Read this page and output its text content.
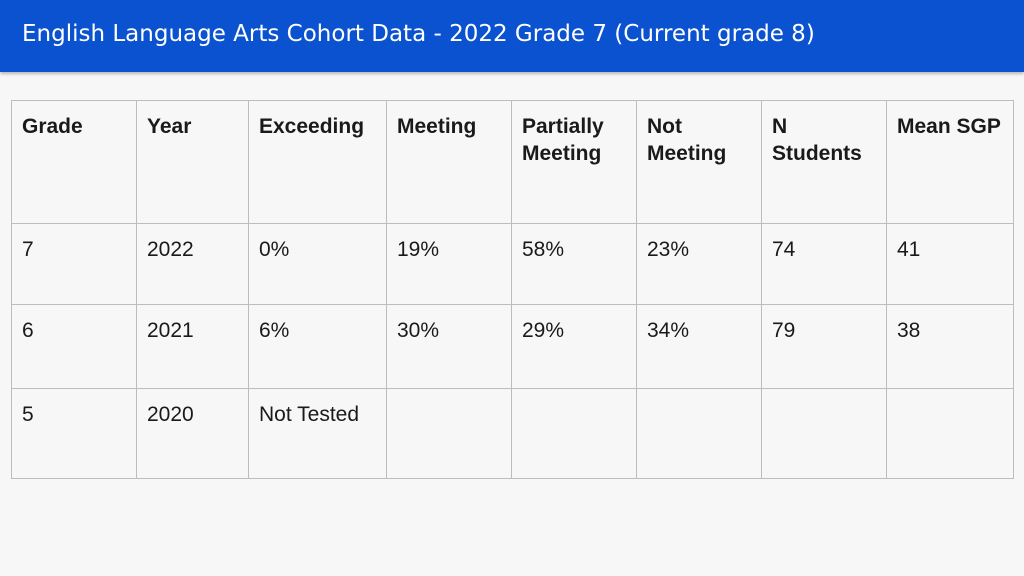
English Language Arts Cohort Data - 2022 Grade 7 (Current grade 8)
Grade	Year	Exceeding	Meeting	Partially Meeting	Not Meeting	N Students	Mean SGP
7	2022	0%	19%	58%	23%	74	41
6	2021	6%	30%	29%	34%	79	38
5	2020	Not Tested					
